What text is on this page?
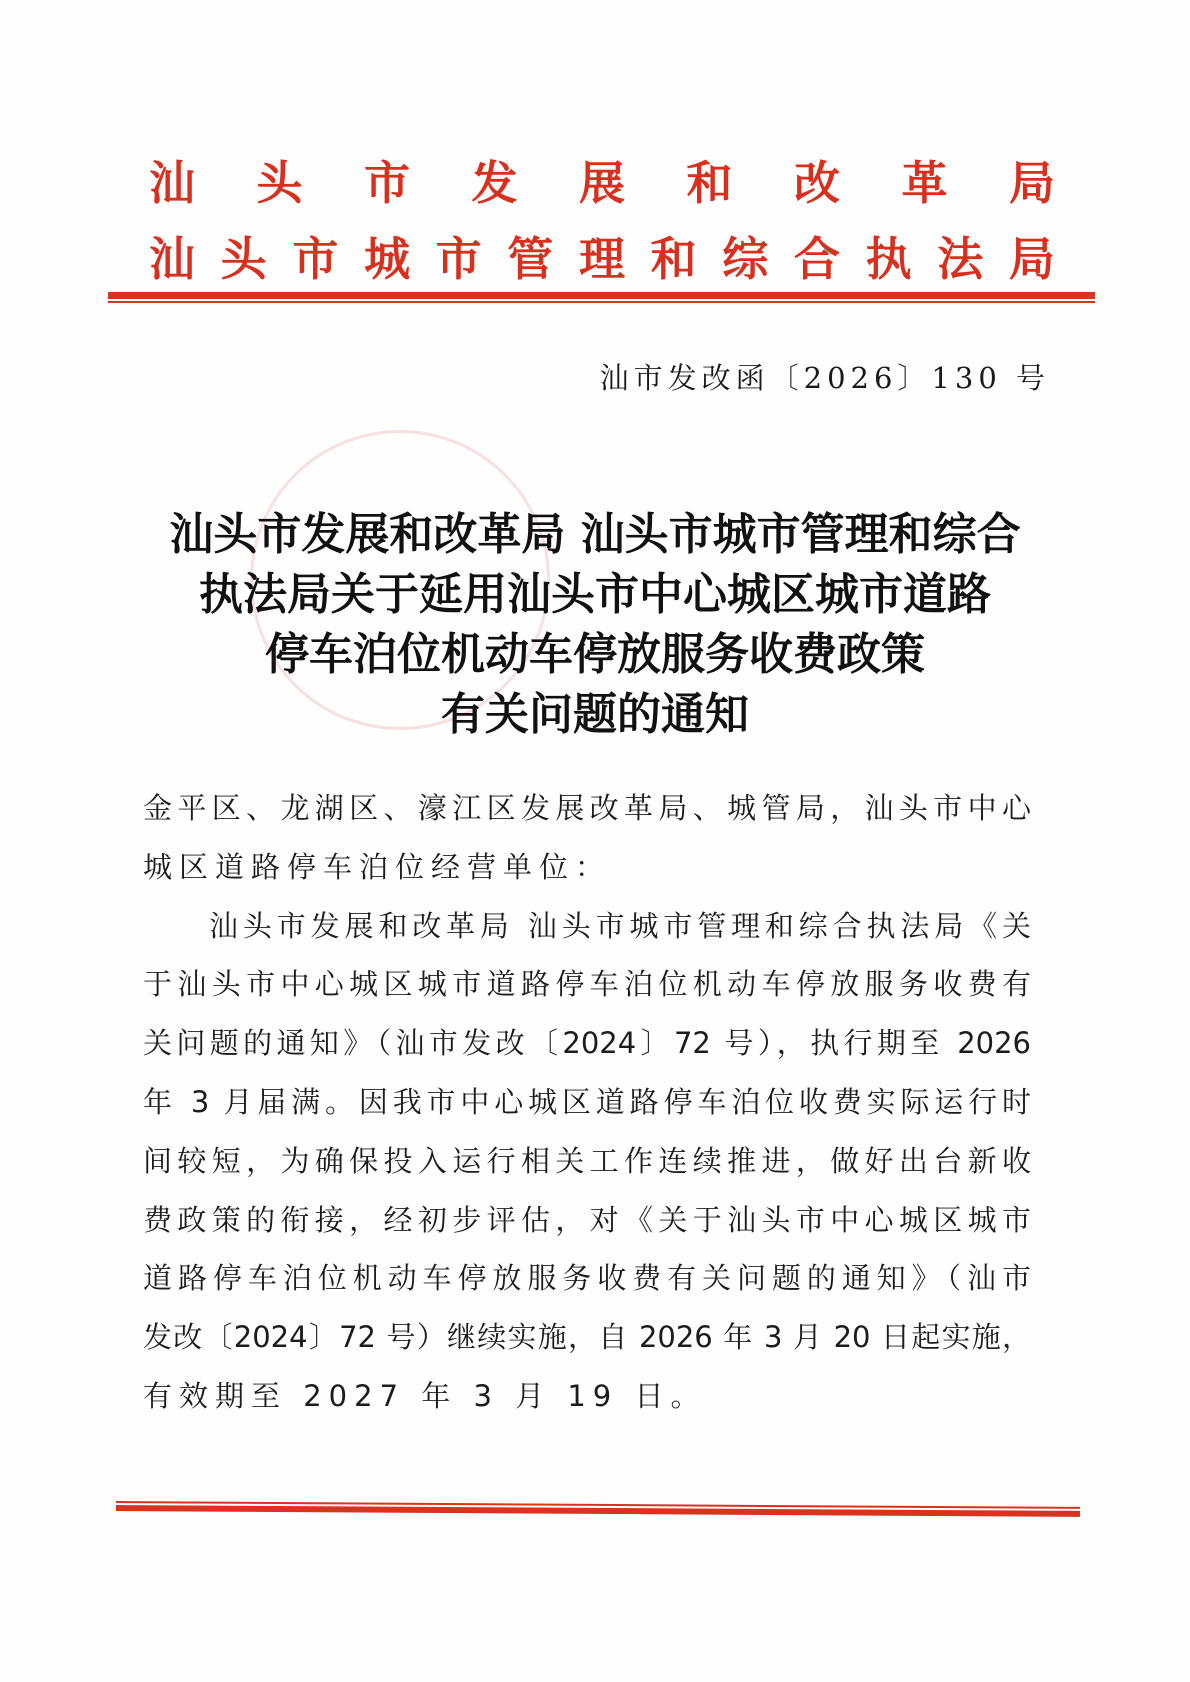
汕 头 市 发 展 和 改 革 局
汕 头 市 城 市 管 理 和 综 合 执 法 局
汕市发改函〔2026〕130 号
汕头市发展和改革局 汕头市城市管理和综合
执法局关于延用汕头市中心城区城市道路
停车泊位机动车停放服务收费政策
有关问题的通知
金平区、龙湖区、濠江区发展改革局、城管局，汕头市中心
城区道路停车泊位经营单位：
汕头市发展和改革局 汕头市城市管理和综合执法局《关
于汕头市中心城区城市道路停车泊位机动车停放服务收费有
关问题的通知》（汕市发改〔2024〕72 号），执行期至 2026
年 3 月届满。因我市中心城区道路停车泊位收费实际运行时
间较短，为确保投入运行相关工作连续推进，做好出台新收
费政策的衔接，经初步评估，对《关于汕头市中心城区城市
道路停车泊位机动车停放服务收费有关问题的通知》（汕市
发改〔2024〕72 号）继续实施，自 2026 年 3 月 20 日起实施，
有效期至 2027 年 3 月 19 日。
